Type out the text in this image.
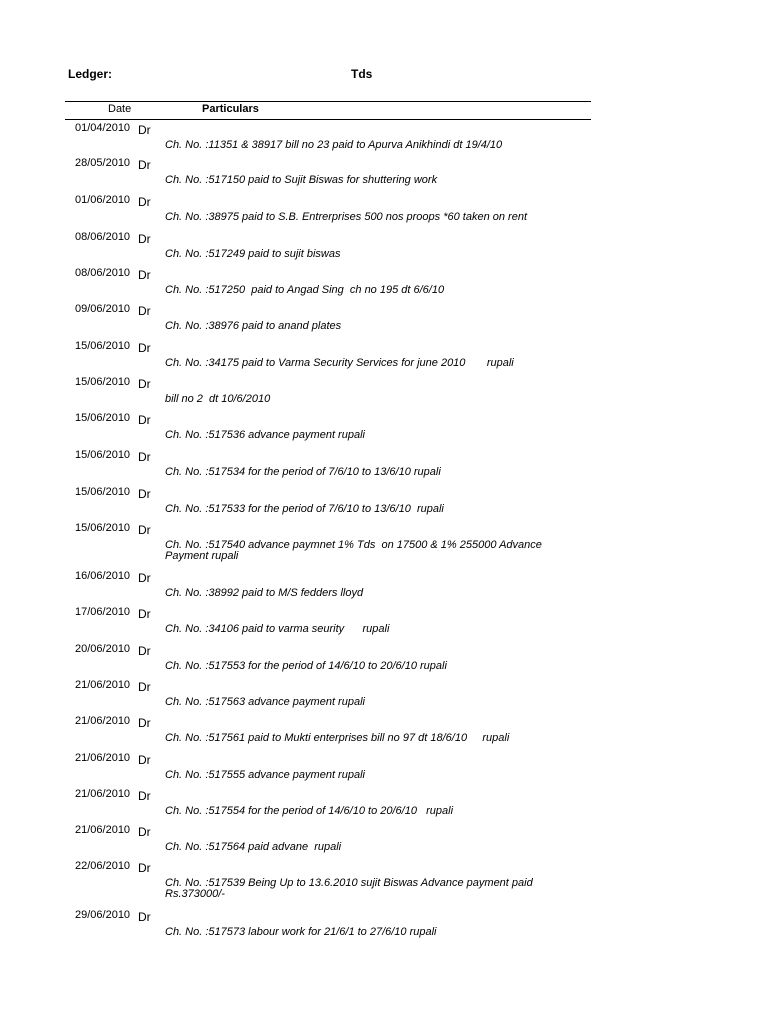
Ledger:	Tds
Date	Particulars
01/04/2010 Dr
Ch. No. :11351 & 38917 bill no 23 paid to Apurva Anikhindi dt 19/4/10
28/05/2010 Dr
Ch. No. :517150 paid to Sujit Biswas for shuttering work
01/06/2010 Dr
Ch. No. :38975 paid to S.B. Entrerprises 500 nos proops *60 taken on rent
08/06/2010 Dr
Ch. No. :517249 paid to sujit biswas
08/06/2010 Dr
Ch. No. :517250  paid to Angad Sing  ch no 195 dt 6/6/10
09/06/2010 Dr
Ch. No. :38976 paid to anand plates
15/06/2010 Dr
Ch. No. :34175 paid to Varma Security Services for june 2010       rupali
15/06/2010 Dr
bill no 2  dt 10/6/2010
15/06/2010 Dr
Ch. No. :517536 advance payment rupali
15/06/2010 Dr
Ch. No. :517534 for the period of 7/6/10 to 13/6/10 rupali
15/06/2010 Dr
Ch. No. :517533 for the period of 7/6/10 to 13/6/10  rupali
15/06/2010 Dr
Ch. No. :517540 advance paymnet 1% Tds  on 17500 & 1% 255000 Advance Payment rupali
16/06/2010 Dr
Ch. No. :38992 paid to M/S fedders lloyd
17/06/2010 Dr
Ch. No. :34106 paid to varma seurity      rupali
20/06/2010 Dr
Ch. No. :517553 for the period of 14/6/10 to 20/6/10 rupali
21/06/2010 Dr
Ch. No. :517563 advance payment rupali
21/06/2010 Dr
Ch. No. :517561 paid to Mukti enterprises bill no 97 dt 18/6/10     rupali
21/06/2010 Dr
Ch. No. :517555 advance payment rupali
21/06/2010 Dr
Ch. No. :517554 for the period of 14/6/10 to 20/6/10   rupali
21/06/2010 Dr
Ch. No. :517564 paid advane  rupali
22/06/2010 Dr
Ch. No. :517539 Being Up to 13.6.2010 sujit Biswas Advance payment paid Rs.373000/-
29/06/2010 Dr
Ch. No. :517573 labour work for 21/6/1 to 27/6/10 rupali
